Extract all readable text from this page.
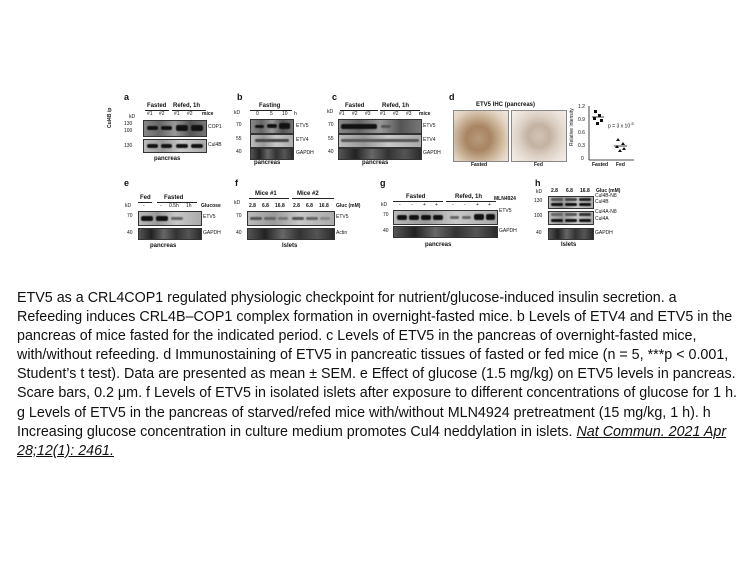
a
Fasted Refed, 1h
#1 #2 #1 #2 mice
Cul4B ip	kD
130
100
130
COP1
Cul4B
pancreas
b
Fasting
kD	0 5 10 h
70	ETV5
55	ETV4
40	GAPDH
pancreas
c
Fasted	Refed, 1h
kD #1 #2 #3 #1 #2 #3 mice
70	ETV5
55	ETV4
40	GAPDH
pancreas
d
ETV5 IHC (pancreas)
Fasted	Fed
Relative intensity
1.2
0.9
0.6
0.3
0
p = 3 x $10^{-5}$
Fasted Fed
e
Fed Fasted
-	- 0.5h 1h Glucose
kD
70	ETV5
40	GAPDH
pancreas
f
Mice #1	Mice #2
kD 2.8 6.8 16.8 2.8 6.8 16.8 Gluc (mM)
70	ETV5
40	Actin
Islets
g
Fasted	Refed, 1h
kD - - + +	- - + +
MLN4924
70
ETV5
40	GAPDH
pancreas
h
kD 2.8 6.8 16.8 Gluc (mM)
130
Cul4B-N8
Cul4B
100
Cul4A-N8
Cul4A
40	GAPDH
Islets
ETV5 as a CRL4COP1 regulated physiologic checkpoint for nutrient/glucose-induced insulin secretion. a Refeeding induces CRL4B–COP1 complex formation in overnight-fasted mice. b Levels of ETV4 and ETV5 in the pancreas of mice fasted for the indicated period. c Levels of ETV5 in the pancreas of overnight-fasted mice, with/without refeeding. d Immunostaining of ETV5 in pancreatic tissues of fasted or fed mice (n = 5, ***p < 0.001, Student’s t test). Data are presented as mean ± SEM. e Effect of glucose (1.5 mg/kg) on ETV5 levels in pancreas. Scare bars, 0.2 μm. f Levels of ETV5 in isolated islets after exposure to different concentrations of glucose for 1 h. g Levels of ETV5 in the pancreas of starved/refed mice with/without MLN4924 pretreatment (15 mg/kg, 1 h). h Increasing glucose concentration in culture medium promotes Cul4 neddylation in islets. Nat Commun. 2021 Apr 28;12(1): 2461.
